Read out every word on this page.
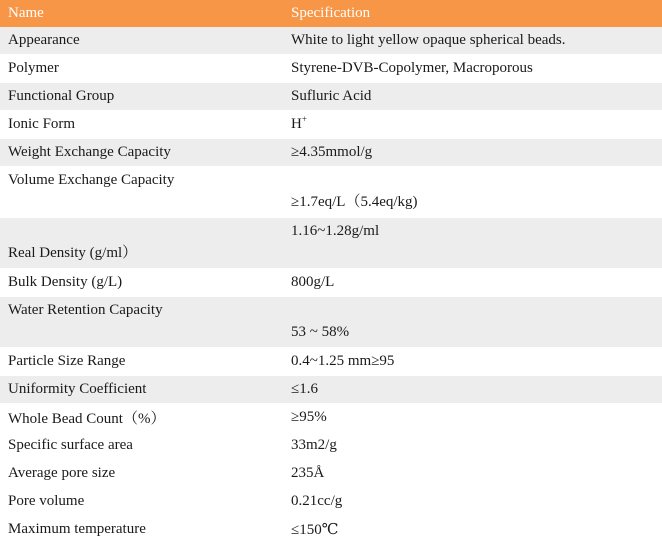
Name	Specification
Appearance	White to light yellow opaque spherical beads.
Polymer	Styrene-DVB-Copolymer, Macroporous
Functional Group	Sufluric Acid
Ionic Form	H+
Weight Exchange Capacity	≥4.35mmol/g
Volume Exchange Capacity	≥1.7eq/L（5.4eq/kg)
Real Density (g/ml）	1.16~1.28g/ml
Bulk Density (g/L)	800g/L
Water Retention Capacity	53 ~ 58%
Particle Size Range	0.4~1.25 mm≥95
Uniformity Coefficient	≤1.6
Whole Bead Count（%）	≥95%
Specific surface area	33m2/g
Average pore size	235Å
Pore volume	0.21cc/g
Maximum temperature	≤150℃
